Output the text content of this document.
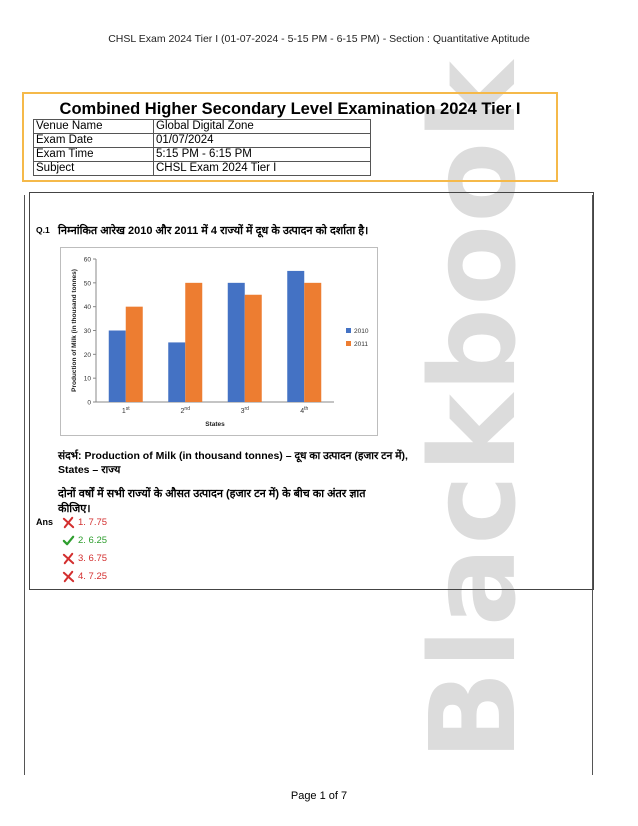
CHSL Exam 2024 Tier I (01-07-2024 - 5-15 PM - 6-15 PM) - Section : Quantitative Aptitude
Blackbook
Combined Higher Secondary Level Examination 2024 Tier I
Venue Name	Global Digital Zone
Exam Date	01/07/2024
Exam Time	5:15 PM - 6:15 PM
Subject	CHSL Exam 2024 Tier I
Q.1 निम्नांकित आरेख 2010 और 2011 में 4 राज्यों में दूध के उत्पादन को दर्शाता है।
0
10
20
30
40
50
60
1st	2nd	3rd	4th
States
Production of Milk (in thousand tonnes)	2010
2011
संदर्भ: Production of Milk (in thousand tonnes) – दूध का उत्पादन (हजार टन में), States – राज्य
दोनों वर्षों में सभी राज्यों के औसत उत्पादन (हजार टन में) के बीच का अंतर ज्ञात कीजिए।
Ans	1. 7.75
2. 6.25
3. 6.75
4. 7.25
Page 1 of 7
